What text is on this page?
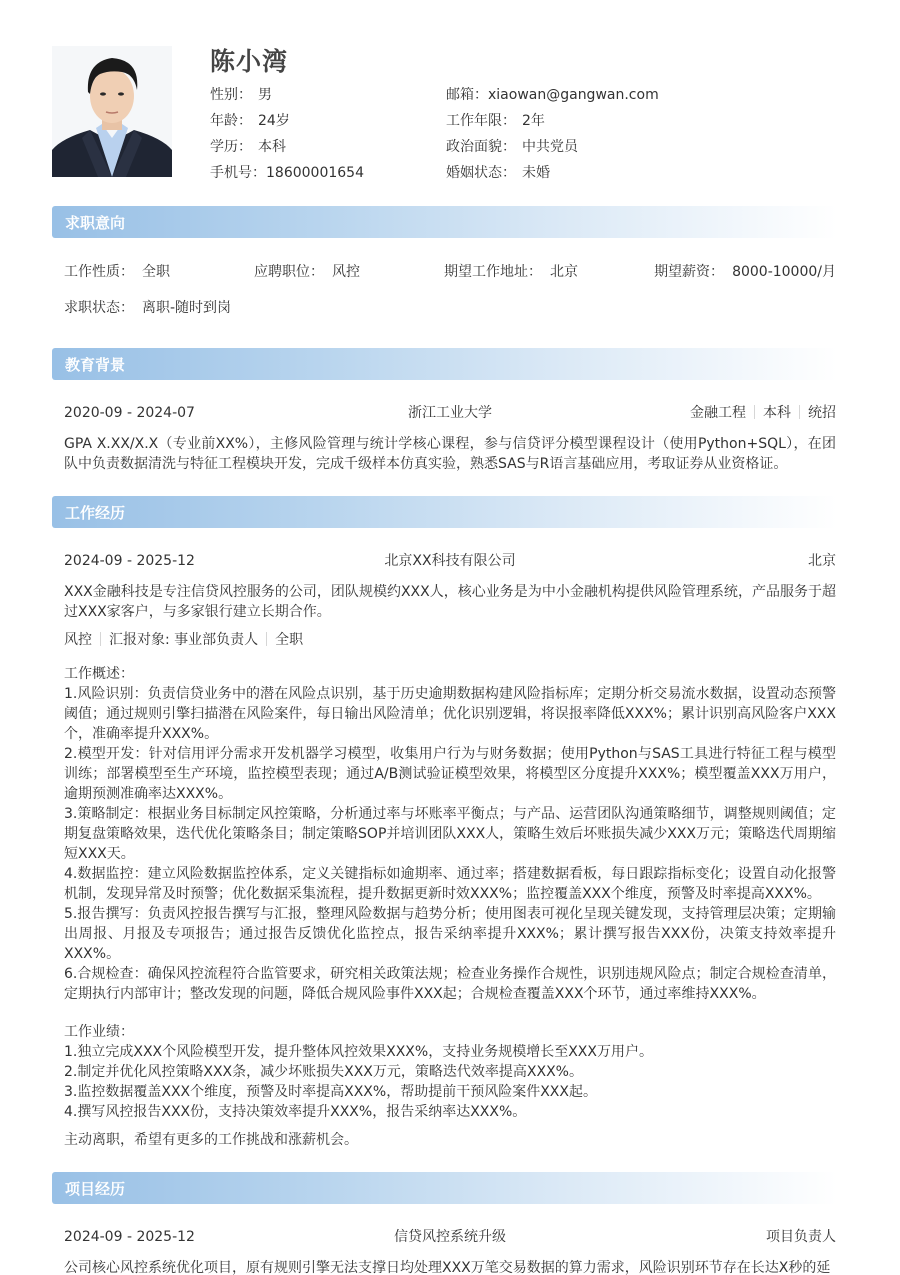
陈小湾
性别： 男	邮箱：xiaowan@gangwan.com
年龄： 24岁	工作年限： 2年
学历： 本科	政治面貌： 中共党员
手机号：18600001654	婚姻状态： 未婚
求职意向
工作性质： 全职	应聘职位： 风控	期望工作地址： 北京	期望薪资： 8000-10000/月
求职状态： 离职-随时到岗
教育背景
2020-09 - 2024-07	浙江工业大学	金融工程 本科 统招
GPA X.XX/X.X（专业前XX%），主修风险管理与统计学核心课程，参与信贷评分模型课程设计（使用Python+SQL），在团队中负责数据清洗与特征工程模块开发，完成千级样本仿真实验，熟悉SAS与R语言基础应用，考取证券从业资格证。
工作经历
2024-09 - 2025-12	北京XX科技有限公司	北京
XXX金融科技是专注信贷风控服务的公司，团队规模约XXX人，核心业务是为中小金融机构提供风险管理系统，产品服务于超过XXX家客户，与多家银行建立长期合作。
风控 汇报对象: 事业部负责人 全职
工作概述：
1.风险识别：负责信贷业务中的潜在风险点识别，基于历史逾期数据构建风险指标库；定期分析交易流水数据，设置动态预警阈值；通过规则引擎扫描潜在风险案件，每日输出风险清单；优化识别逻辑，将误报率降低XXX%；累计识别高风险客户XXX个，准确率提升XXX%。
2.模型开发：针对信用评分需求开发机器学习模型，收集用户行为与财务数据；使用Python与SAS工具进行特征工程与模型训练；部署模型至生产环境，监控模型表现；通过A/B测试验证模型效果，将模型区分度提升XXX%；模型覆盖XXX万用户，逾期预测准确率达XXX%。
3.策略制定：根据业务目标制定风控策略，分析通过率与坏账率平衡点；与产品、运营团队沟通策略细节，调整规则阈值；定期复盘策略效果，迭代优化策略条目；制定策略SOP并培训团队XXX人，策略生效后坏账损失减少XXX万元；策略迭代周期缩短XXX天。
4.数据监控：建立风险数据监控体系，定义关键指标如逾期率、通过率；搭建数据看板，每日跟踪指标变化；设置自动化报警机制，发现异常及时预警；优化数据采集流程，提升数据更新时效XXX%；监控覆盖XXX个维度，预警及时率提高XXX%。
5.报告撰写：负责风控报告撰写与汇报，整理风险数据与趋势分析；使用图表可视化呈现关键发现，支持管理层决策；定期输出周报、月报及专项报告；通过报告反馈优化监控点，报告采纳率提升XXX%；累计撰写报告XXX份，决策支持效率提升XXX%。
6.合规检查：确保风控流程符合监管要求，研究相关政策法规；检查业务操作合规性，识别违规风险点；制定合规检查清单，定期执行内部审计；整改发现的问题，降低合规风险事件XXX起；合规检查覆盖XXX个环节，通过率维持XXX%。
工作业绩：
1.独立完成XXX个风险模型开发，提升整体风控效果XXX%，支持业务规模增长至XXX万用户。
2.制定并优化风控策略XXX条，减少坏账损失XXX万元，策略迭代效率提高XXX%。
3.监控数据覆盖XXX个维度，预警及时率提高XXX%，帮助提前干预风险案件XXX起。
4.撰写风控报告XXX份，支持决策效率提升XXX%，报告采纳率达XXX%。
主动离职，希望有更多的工作挑战和涨薪机会。
项目经历
2024-09 - 2025-12	信贷风控系统升级	项目负责人
公司核心风控系统优化项目，原有规则引擎无法支撑日均处理XXX万笔交易数据的算力需求，风险识别环节存在长达X秒的延
